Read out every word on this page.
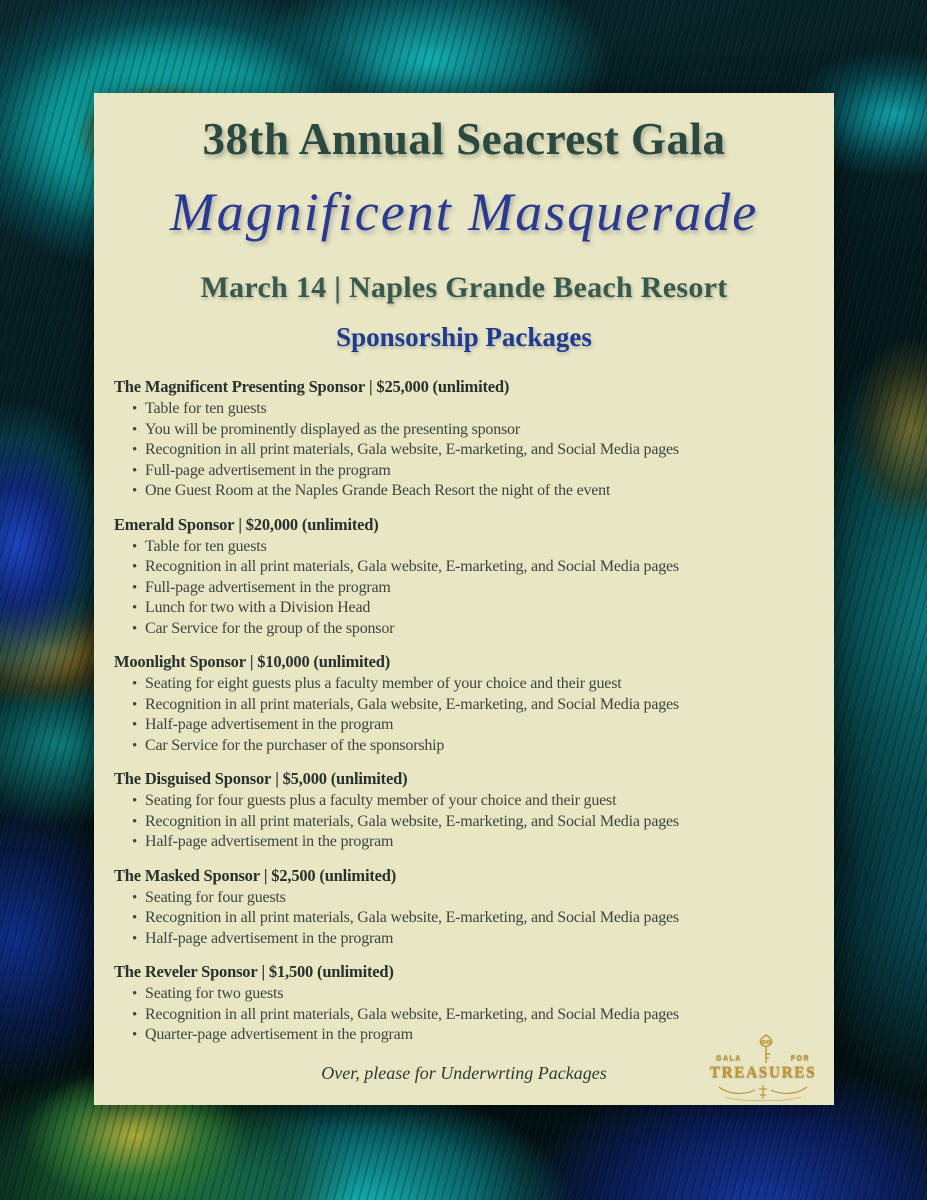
38th Annual Seacrest Gala
Magnificent Masquerade
March 14 | Naples Grande Beach Resort
Sponsorship Packages
The Magnificent Presenting Sponsor | $25,000 (unlimited)
• Table for ten guests
• You will be prominently displayed as the presenting sponsor
• Recognition in all print materials, Gala website, E-marketing, and Social Media pages
• Full-page advertisement in the program
• One Guest Room at the Naples Grande Beach Resort the night of the event
Emerald Sponsor | $20,000 (unlimited)
• Table for ten guests
• Recognition in all print materials, Gala website, E-marketing, and Social Media pages
• Full-page advertisement in the program
• Lunch for two with a Division Head
• Car Service for the group of the sponsor
Moonlight Sponsor | $10,000 (unlimited)
• Seating for eight guests plus a faculty member of your choice and their guest
• Recognition in all print materials, Gala website, E-marketing, and Social Media pages
• Half-page advertisement in the program
• Car Service for the purchaser of the sponsorship
The Disguised Sponsor | $5,000 (unlimited)
• Seating for four guests plus a faculty member of your choice and their guest
• Recognition in all print materials, Gala website, E-marketing, and Social Media pages
• Half-page advertisement in the program
The Masked Sponsor | $2,500 (unlimited)
• Seating for four guests
• Recognition in all print materials, Gala website, E-marketing, and Social Media pages
• Half-page advertisement in the program
The Reveler Sponsor | $1,500 (unlimited)
• Seating for two guests
• Recognition in all print materials, Gala website, E-marketing, and Social Media pages
• Quarter-page advertisement in the program
Over, please for Underwrting Packages
GALA	FOR
TREASURES
